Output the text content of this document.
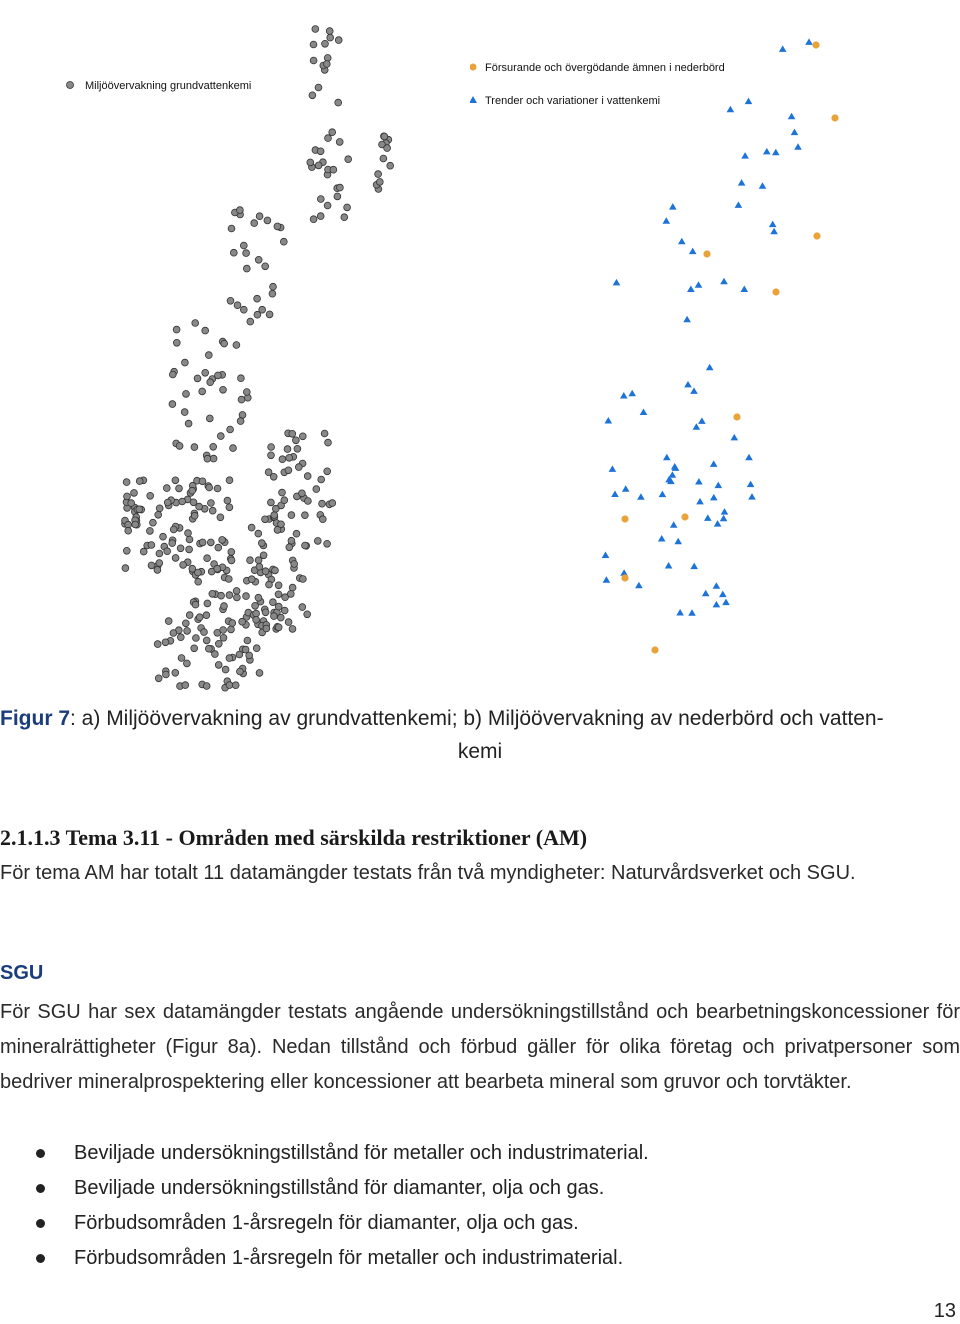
Miljöövervakning grundvattenkemi
Försurande och övergödande ämnen i nederbörd
Trender och variationer i vattenkemi
Figur 7: a) Miljöövervakning av grundvattenkemi; b) Miljöövervakning av nederbörd och vatten-
kemi
2.1.1.3 Tema 3.11 - Områden med särskilda restriktioner (AM)
För tema AM har totalt 11 datamängder testats från två myndigheter: Naturvårdsverket och SGU.
SGU
För SGU har sex datamängder testats angående undersökningstillstånd och bearbetningskoncessioner för mineralrättigheter (Figur 8a). Nedan tillstånd och förbud gäller för olika företag och privatpersoner som bedriver mineralprospektering eller koncessioner att bearbeta mineral som gruvor och torvtäkter.
Beviljade undersökningstillstånd för metaller och industrimaterial.
Beviljade undersökningstillstånd för diamanter, olja och gas.
Förbudsområden 1-årsregeln för diamanter, olja och gas.
Förbudsområden 1-årsregeln för metaller och industrimaterial.
13
